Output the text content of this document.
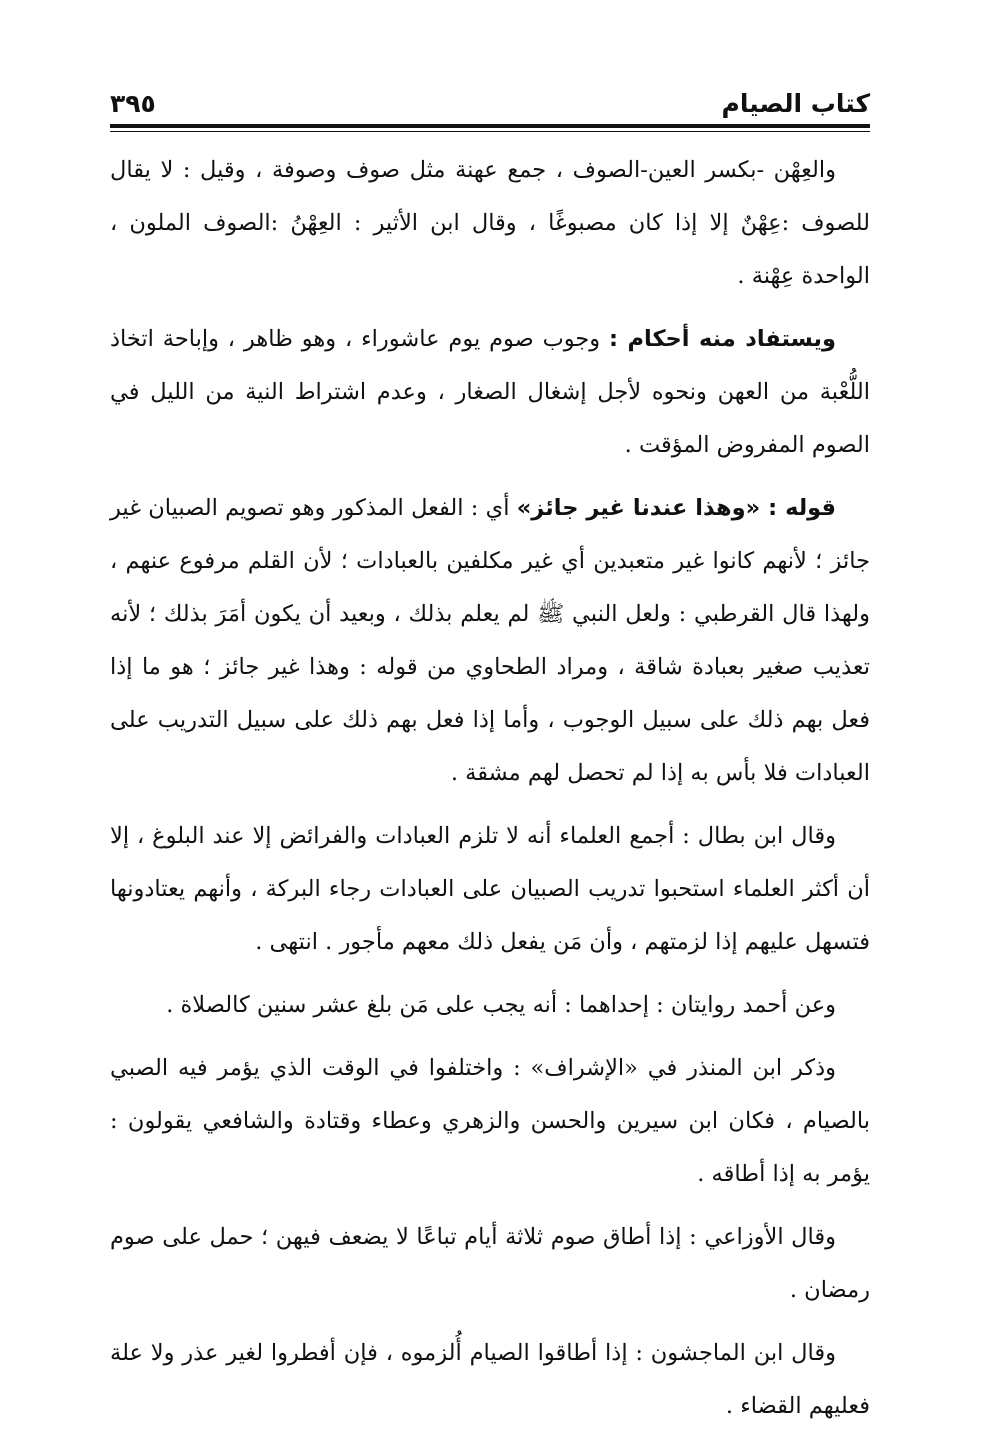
كتاب الصيام
٣٩٥

والعِهْن -بكسر العين-الصوف ، جمع عهنة مثل صوف وصوفة ، وقيل : لا يقال للصوف :عِهْنٌ إلا إذا كان مصبوغًا ، وقال ابن الأثير : العِهْنُ :الصوف الملون ، الواحدة عِهْنة .

ويستفاد منه أحكام : وجوب صوم يوم عاشوراء ، وهو ظاهر ، وإباحة اتخاذ اللُّعْبة من العهن ونحوه لأجل إشغال الصغار ، وعدم اشتراط النية من الليل في الصوم المفروض المؤقت .

قوله : «وهذا عندنا غير جائز» أي : الفعل المذكور وهو تصويم الصبيان غير جائز ؛ لأنهم كانوا غير متعبدين أي غير مكلفين بالعبادات ؛ لأن القلم مرفوع عنهم ، ولهذا قال القرطبي : ولعل النبي ﷺ لم يعلم بذلك ، وبعيد أن يكون أمَرَ بذلك ؛ لأنه تعذيب صغير بعبادة شاقة ، ومراد الطحاوي من قوله : وهذا غير جائز ؛ هو ما إذا فعل بهم ذلك على سبيل الوجوب ، وأما إذا فعل بهم ذلك على سبيل التدريب على العبادات فلا بأس به إذا لم تحصل لهم مشقة .

وقال ابن بطال : أجمع العلماء أنه لا تلزم العبادات والفرائض إلا عند البلوغ ، إلا أن أكثر العلماء استحبوا تدريب الصبيان على العبادات رجاء البركة ، وأنهم يعتادونها فتسهل عليهم إذا لزمتهم ، وأن مَن يفعل ذلك معهم مأجور . انتهى .

وعن أحمد روايتان : إحداهما : أنه يجب على مَن بلغ عشر سنين كالصلاة .

وذكر ابن المنذر في «الإشراف» : واختلفوا في الوقت الذي يؤمر فيه الصبي بالصيام ، فكان ابن سيرين والحسن والزهري وعطاء وقتادة والشافعي يقولون : يؤمر به إذا أطاقه .

وقال الأوزاعي : إذا أطاق صوم ثلاثة أيام تباعًا لا يضعف فيهن ؛ حمل على صوم رمضان .

وقال ابن الماجشون : إذا أطاقوا الصيام أُلزموه ، فإن أفطروا لغير عذر ولا علة فعليهم القضاء .
